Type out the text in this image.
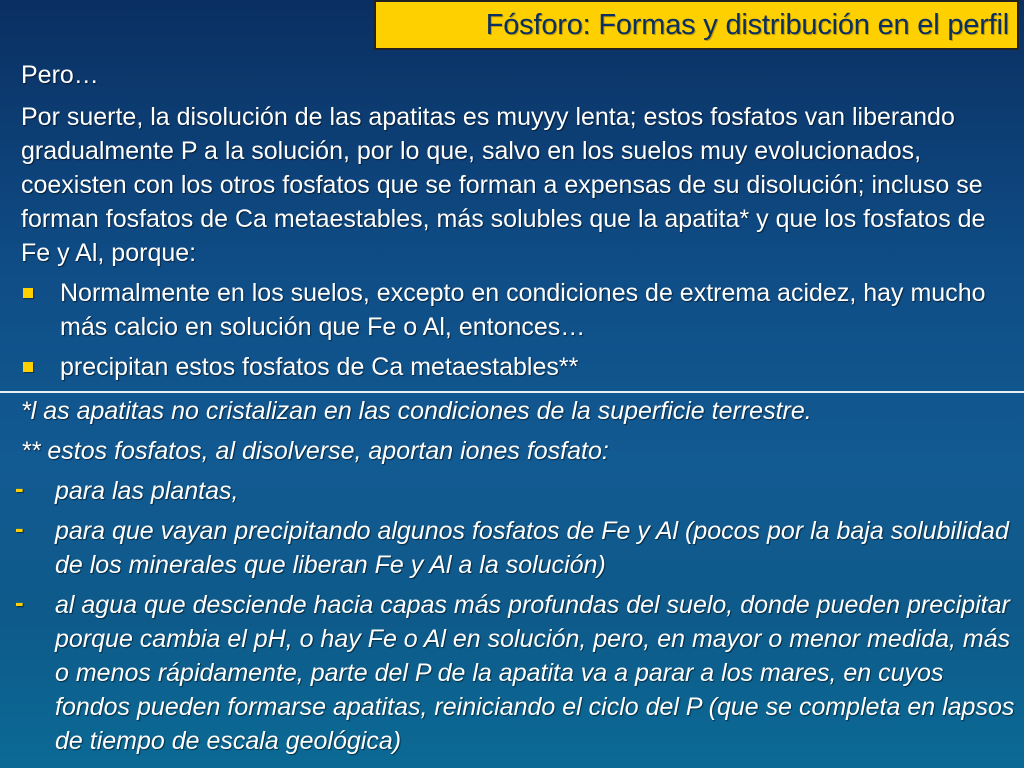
Fósforo: Formas y distribución en el perfil

Pero…

Por suerte, la disolución de las apatitas es muyyy lenta; estos fosfatos van liberando gradualmente P a la solución, por lo que, salvo en los suelos muy evolucionados, coexisten con los otros fosfatos que se forman a expensas de su disolución; incluso se forman fosfatos de Ca metaestables, más solubles que la apatita* y que los fosfatos de Fe y Al, porque:

Normalmente en los suelos, excepto en condiciones de extrema acidez, hay mucho más calcio en solución que Fe o Al, entonces…
precipitan estos fosfatos de Ca metaestables**
*l as apatitas no cristalizan en las condiciones de la superficie terrestre.
** estos fosfatos, al disolverse, aportan iones fosfato:
- para las plantas,
- para que vayan precipitando algunos fosfatos de Fe y Al (pocos por la baja solubilidad de los minerales que liberan Fe y Al a la solución)
- al agua que desciende hacia capas más profundas del suelo, donde pueden precipitar porque cambia el pH, o hay Fe o Al en solución, pero, en mayor o menor medida, más o menos rápidamente, parte del P de la apatita va a parar a los mares, en cuyos fondos pueden formarse apatitas, reiniciando el ciclo del P (que se completa en lapsos de tiempo de escala geológica)
